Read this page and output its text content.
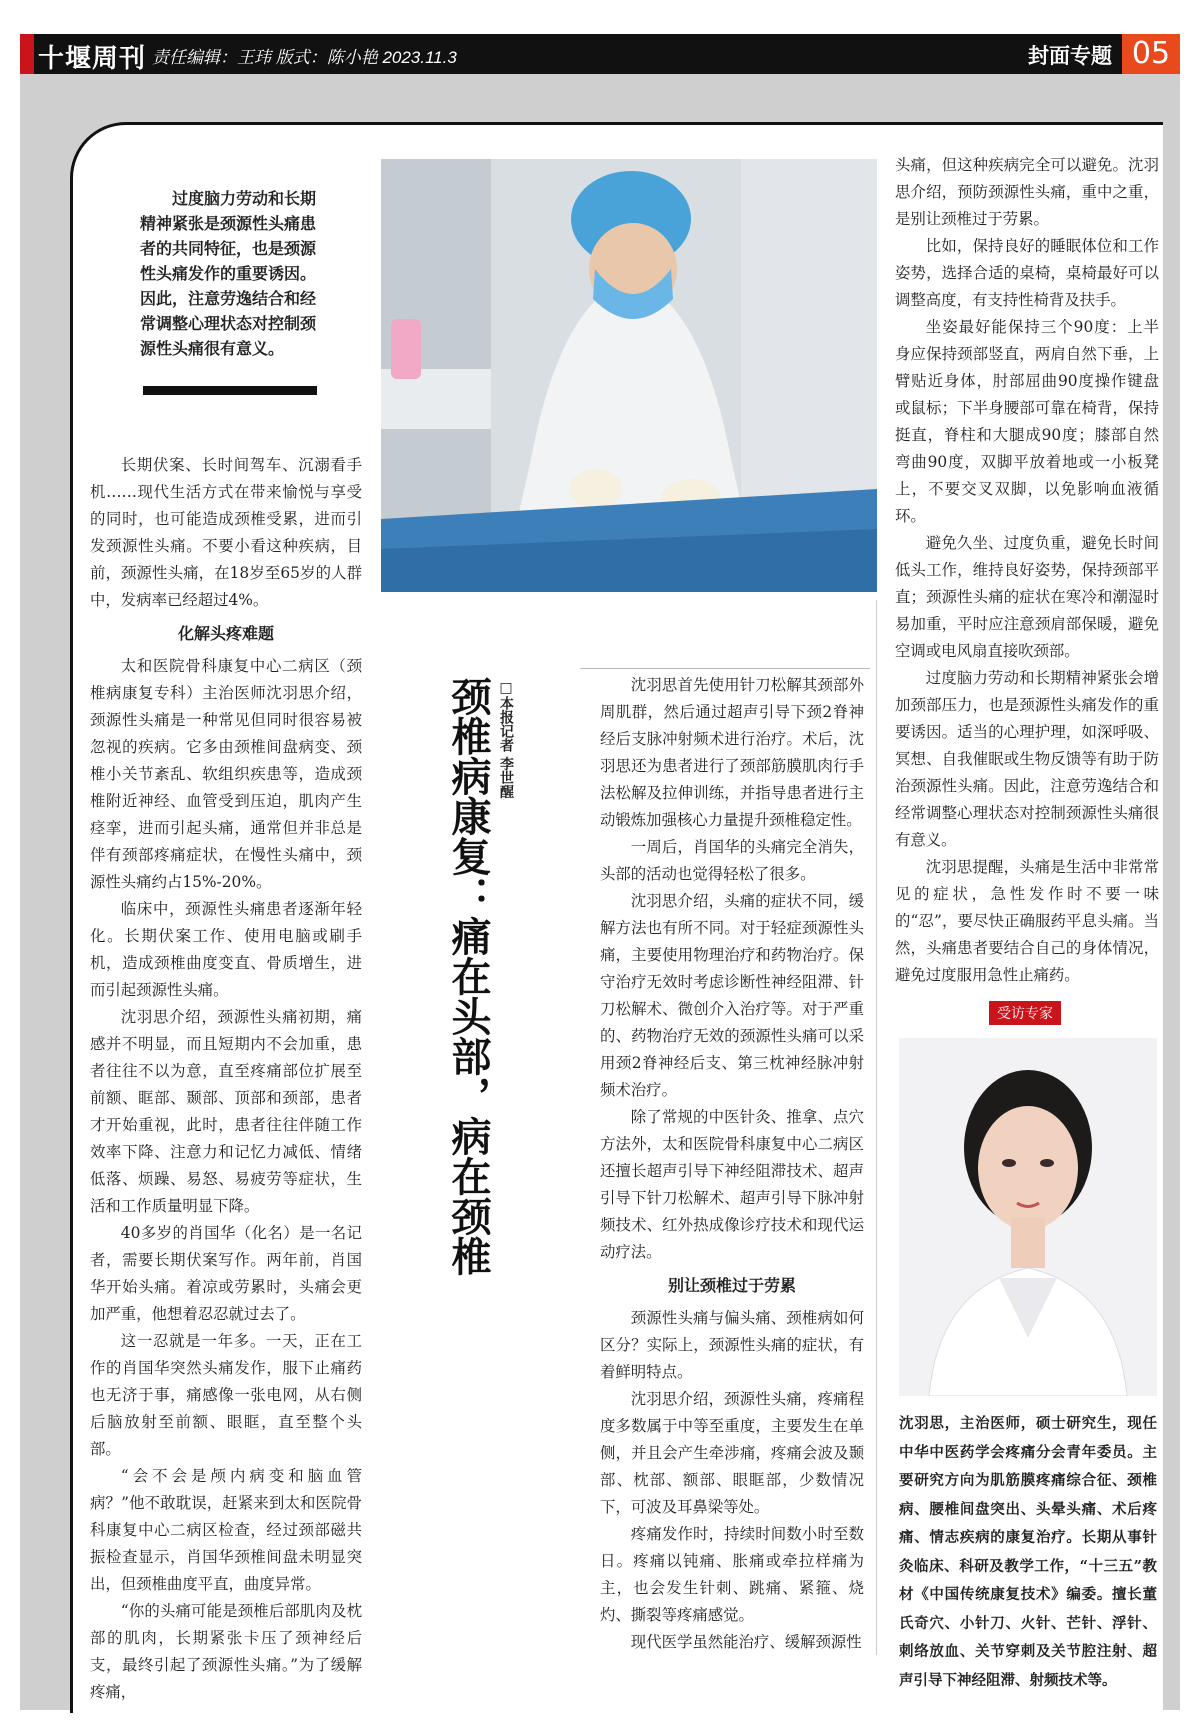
十堰周刊 责任编辑：王玮 版式：陈小艳 2023.11.3	封面专题 05

过度脑力劳动和长期精神紧张是颈源性头痛患者的共同特征，也是颈源性头痛发作的重要诱因。因此，注意劳逸结合和经常调整心理状态对控制颈源性头痛很有意义。

颈椎病康复：痛在头部，病在颈椎 □本报记者 李世醒

长期伏案、长时间驾车、沉溺看手机……现代生活方式在带来愉悦与享受的同时，也可能造成颈椎受累，进而引发颈源性头痛。不要小看这种疾病，目前，颈源性头痛，在18岁至65岁的人群中，发病率已经超过4%。

化解头疼难题

太和医院骨科康复中心二病区（颈椎病康复专科）主治医师沈羽思介绍，颈源性头痛是一种常见但同时很容易被忽视的疾病。它多由颈椎间盘病变、颈椎小关节紊乱、软组织疾患等，造成颈椎附近神经、血管受到压迫，肌肉产生痉挛，进而引起头痛，通常但并非总是伴有颈部疼痛症状，在慢性头痛中，颈源性头痛约占15%-20%。

临床中，颈源性头痛患者逐渐年轻化。长期伏案工作、使用电脑或刷手机，造成颈椎曲度变直、骨质增生，进而引起颈源性头痛。

沈羽思介绍，颈源性头痛初期，痛感并不明显，而且短期内不会加重，患者往往不以为意，直至疼痛部位扩展至前额、眶部、颞部、顶部和颈部，患者才开始重视，此时，患者往往伴随工作效率下降、注意力和记忆力减低、情绪低落、烦躁、易怒、易疲劳等症状，生活和工作质量明显下降。

40多岁的肖国华（化名）是一名记者，需要长期伏案写作。两年前，肖国华开始头痛。着凉或劳累时，头痛会更加严重，他想着忍忍就过去了。

这一忍就是一年多。一天，正在工作的肖国华突然头痛发作，服下止痛药也无济于事，痛感像一张电网，从右侧后脑放射至前额、眼眶，直至整个头部。

“会不会是颅内病变和脑血管病？”他不敢耽误，赶紧来到太和医院骨科康复中心二病区检查，经过颈部磁共振检查显示，肖国华颈椎间盘未明显突出，但颈椎曲度平直，曲度异常。

“你的头痛可能是颈椎后部肌肉及枕部的肌肉，长期紧张卡压了颈神经后支，最终引起了颈源性头痛。”为了缓解疼痛，

沈羽思首先使用针刀松解其颈部外周肌群，然后通过超声引导下颈2脊神经后支脉冲射频术进行治疗。术后，沈羽思还为患者进行了颈部筋膜肌肉行手法松解及拉伸训练，并指导患者进行主动锻炼加强核心力量提升颈椎稳定性。

一周后，肖国华的头痛完全消失，头部的活动也觉得轻松了很多。

沈羽思介绍，头痛的症状不同，缓解方法也有所不同。对于轻症颈源性头痛，主要使用物理治疗和药物治疗。保守治疗无效时考虑诊断性神经阻滞、针刀松解术、微创介入治疗等。对于严重的、药物治疗无效的颈源性头痛可以采用颈2脊神经后支、第三枕神经脉冲射频术治疗。

除了常规的中医针灸、推拿、点穴方法外，太和医院骨科康复中心二病区还擅长超声引导下神经阻滞技术、超声引导下针刀松解术、超声引导下脉冲射频技术、红外热成像诊疗技术和现代运动疗法。

别让颈椎过于劳累

颈源性头痛与偏头痛、颈椎病如何区分？实际上，颈源性头痛的症状，有着鲜明特点。

沈羽思介绍，颈源性头痛，疼痛程度多数属于中等至重度，主要发生在单侧，并且会产生牵涉痛，疼痛会波及颞部、枕部、额部、眼眶部，少数情况下，可波及耳鼻梁等处。

疼痛发作时，持续时间数小时至数日。疼痛以钝痛、胀痛或牵拉样痛为主，也会发生针刺、跳痛、紧箍、烧灼、撕裂等疼痛感觉。

现代医学虽然能治疗、缓解颈源性

头痛，但这种疾病完全可以避免。沈羽思介绍，预防颈源性头痛，重中之重，是别让颈椎过于劳累。

比如，保持良好的睡眠体位和工作姿势，选择合适的桌椅，桌椅最好可以调整高度，有支持性椅背及扶手。

坐姿最好能保持三个90度：上半身应保持颈部竖直，两肩自然下垂，上臂贴近身体，肘部屈曲90度操作键盘或鼠标；下半身腰部可靠在椅背，保持挺直，脊柱和大腿成90度；膝部自然弯曲90度，双脚平放着地或一小板凳上，不要交叉双脚，以免影响血液循环。

避免久坐、过度负重，避免长时间低头工作，维持良好姿势，保持颈部平直；颈源性头痛的症状在寒冷和潮湿时易加重，平时应注意颈肩部保暖，避免空调或电风扇直接吹颈部。

过度脑力劳动和长期精神紧张会增加颈部压力，也是颈源性头痛发作的重要诱因。适当的心理护理，如深呼吸、冥想、自我催眠或生物反馈等有助于防治颈源性头痛。因此，注意劳逸结合和经常调整心理状态对控制颈源性头痛很有意义。

沈羽思提醒，头痛是生活中非常常见的症状，急性发作时不要一味的“忍”，要尽快正确服药平息头痛。当然，头痛患者要结合自己的身体情况，避免过度服用急性止痛药。

受访专家

沈羽思，主治医师，硕士研究生，现任中华中医药学会疼痛分会青年委员。主要研究方向为肌筋膜疼痛综合征、颈椎病、腰椎间盘突出、头晕头痛、术后疼痛、情志疾病的康复治疗。长期从事针灸临床、科研及教学工作，“十三五”教材《中国传统康复技术》编委。擅长董氏奇穴、小针刀、火针、芒针、浮针、刺络放血、关节穿刺及关节腔注射、超声引导下神经阻滞、射频技术等。
